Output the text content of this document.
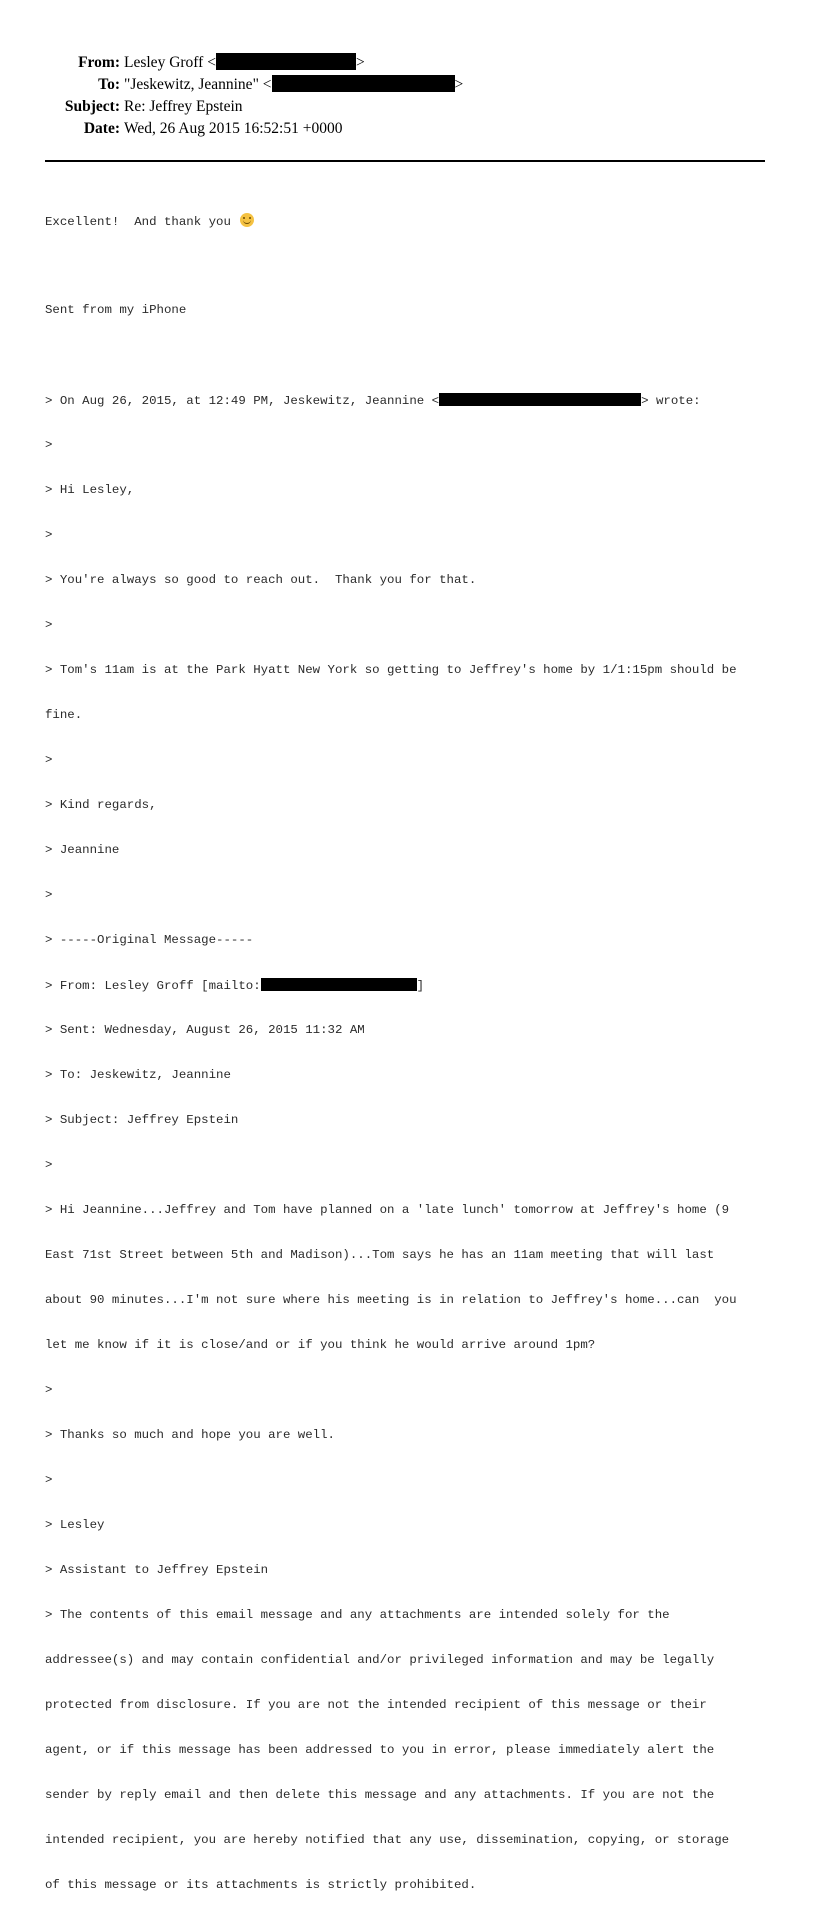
From: Lesley Groff <	>
To: "Jeskewitz, Jeannine" <	>
Subject: Re: Jeffrey Epstein
Date: Wed, 26 Aug 2015 16:52:51 +0000

Excellent!  And thank you

Sent from my iPhone

> On Aug 26, 2015, at 12:49 PM, Jeskewitz, Jeannine <	> wrote:

>

> Hi Lesley,

>

> You're always so good to reach out.  Thank you for that.

>

> Tom's 11am is at the Park Hyatt New York so getting to Jeffrey's home by 1/1:15pm should be

fine.

>

> Kind regards,

> Jeannine

>

> -----Original Message-----

> From: Lesley Groff [mailto:	]

> Sent: Wednesday, August 26, 2015 11:32 AM

> To: Jeskewitz, Jeannine

> Subject: Jeffrey Epstein

>

> Hi Jeannine...Jeffrey and Tom have planned on a 'late lunch' tomorrow at Jeffrey's home (9

East 71st Street between 5th and Madison)...Tom says he has an 11am meeting that will last

about 90 minutes...I'm not sure where his meeting is in relation to Jeffrey's home...can  you

let me know if it is close/and or if you think he would arrive around 1pm?

>

> Thanks so much and hope you are well.

>

> Lesley

> Assistant to Jeffrey Epstein

> The contents of this email message and any attachments are intended solely for the

addressee(s) and may contain confidential and/or privileged information and may be legally

protected from disclosure. If you are not the intended recipient of this message or their

agent, or if this message has been addressed to you in error, please immediately alert the

sender by reply email and then delete this message and any attachments. If you are not the

intended recipient, you are hereby notified that any use, dissemination, copying, or storage

of this message or its attachments is strictly prohibited.
